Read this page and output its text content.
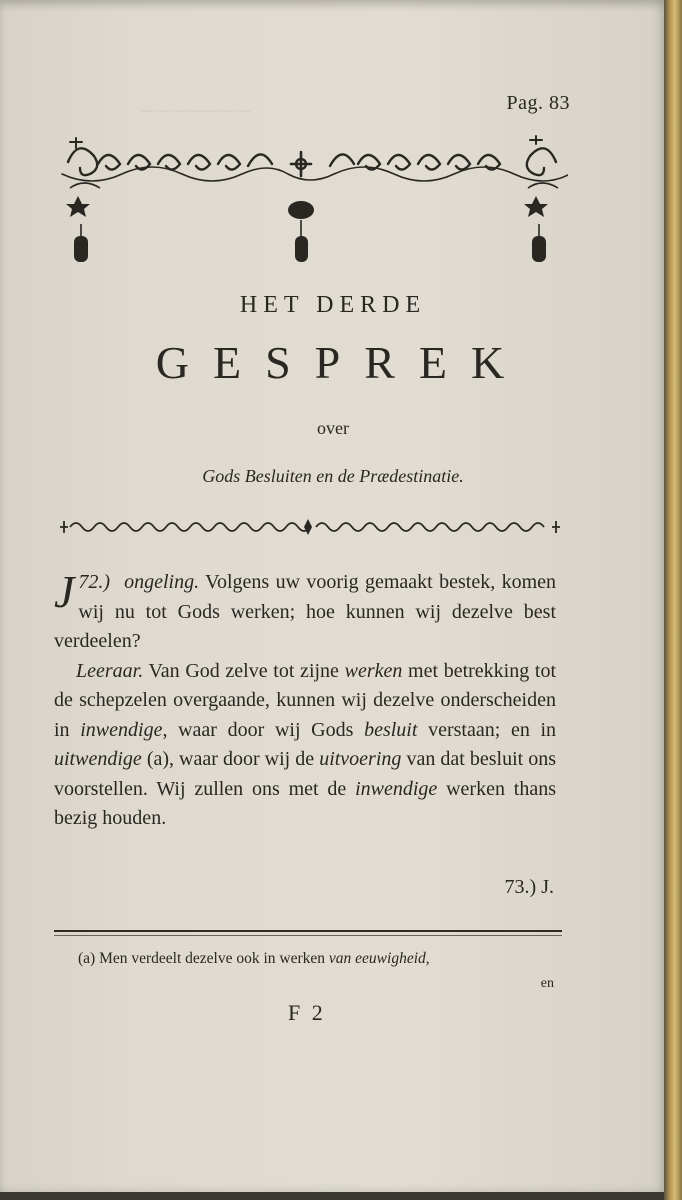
———————	Pag. 83
HET DERDE
GESPREK
over
Gods Besluiten en de Prædestinatie.

72.)
J ongeling. Volgens uw voorig gemaakt bestek, komen wij nu tot Gods werken; hoe kunnen wij dezelve best verdeelen?

Leeraar. Van God zelve tot zijne werken met betrekking tot de schepzelen overgaande, kunnen wij dezelve onderscheiden in inwendige, waar door wij Gods besluit verstaan; en in uitwendige (a), waar door wij de uitvoering van dat besluit ons voorstellen. Wij zullen ons met de inwendige werken thans bezig houden.

73.) J.
(a) Men verdeelt dezelve ook in werken van eeuwigheid,
en
F 2
